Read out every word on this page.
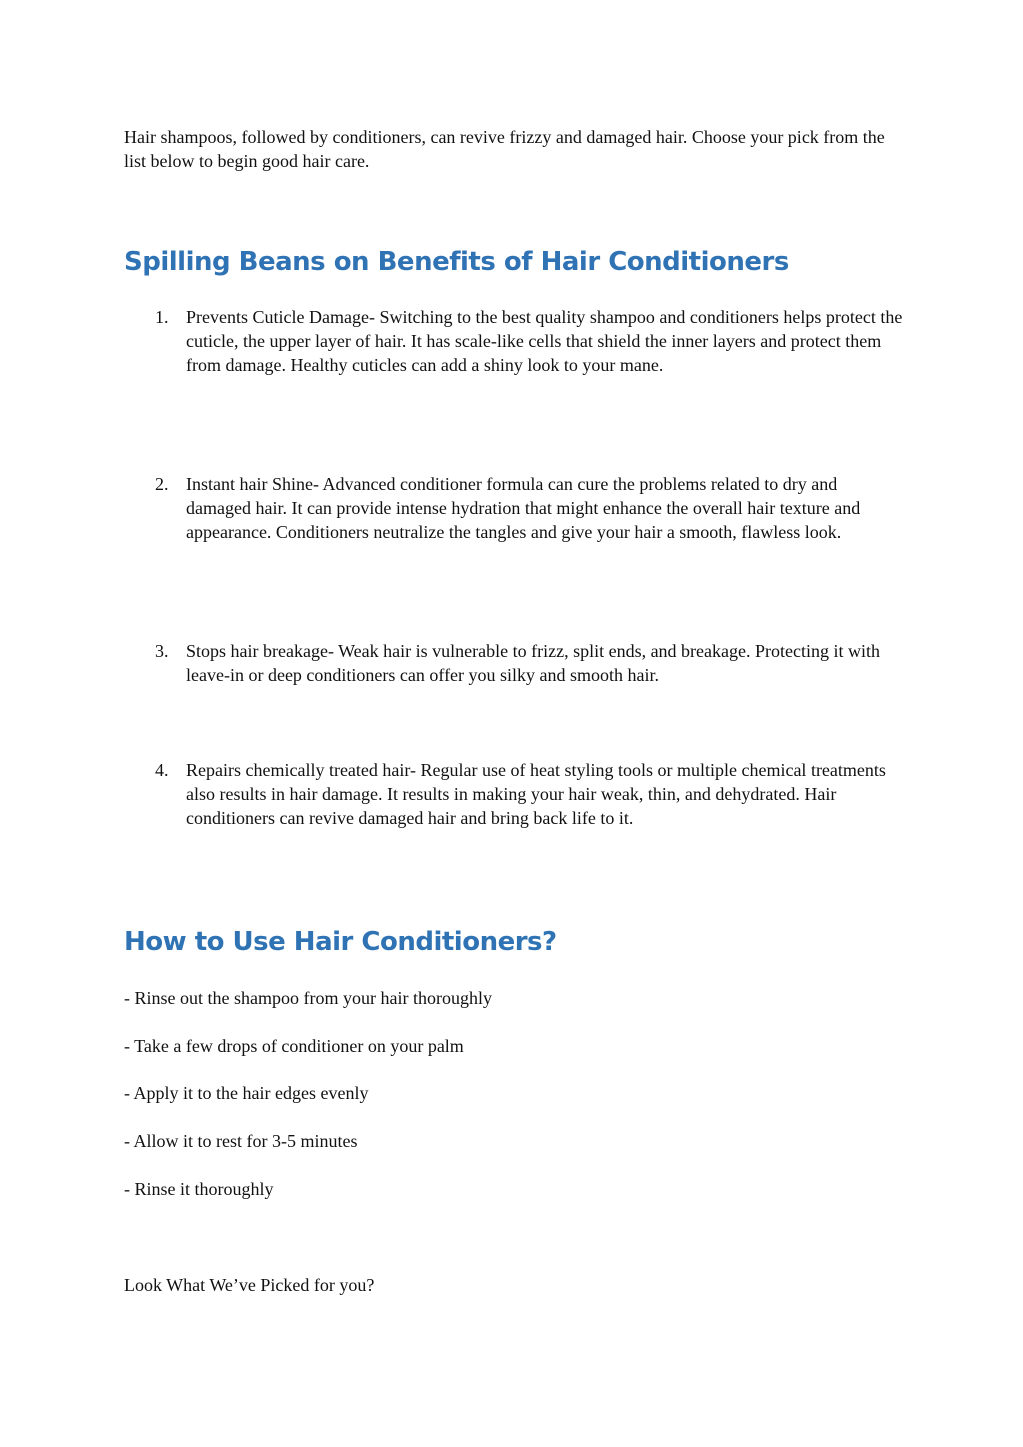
Hair shampoos, followed by conditioners, can revive frizzy and damaged hair. Choose your pick from the list below to begin good hair care.

Spilling Beans on Benefits of Hair Conditioners
1. Prevents Cuticle Damage- Switching to the best quality shampoo and conditioners helps protect the cuticle, the upper layer of hair. It has scale-like cells that shield the inner layers and protect them from damage. Healthy cuticles can add a shiny look to your mane.

2. Instant hair Shine- Advanced conditioner formula can cure the problems related to dry and damaged hair. It can provide intense hydration that might enhance the overall hair texture and appearance. Conditioners neutralize the tangles and give your hair a smooth, flawless look.

3. Stops hair breakage- Weak hair is vulnerable to frizz, split ends, and breakage. Protecting it with leave-in or deep conditioners can offer you silky and smooth hair.

4. Repairs chemically treated hair- Regular use of heat styling tools or multiple chemical treatments also results in hair damage. It results in making your hair weak, thin, and dehydrated. Hair conditioners can revive damaged hair and bring back life to it.

How to Use Hair Conditioners?

- Rinse out the shampoo from your hair thoroughly

- Take a few drops of conditioner on your palm

- Apply it to the hair edges evenly

- Allow it to rest for 3-5 minutes

- Rinse it thoroughly

Look What We’ve Picked for you?
